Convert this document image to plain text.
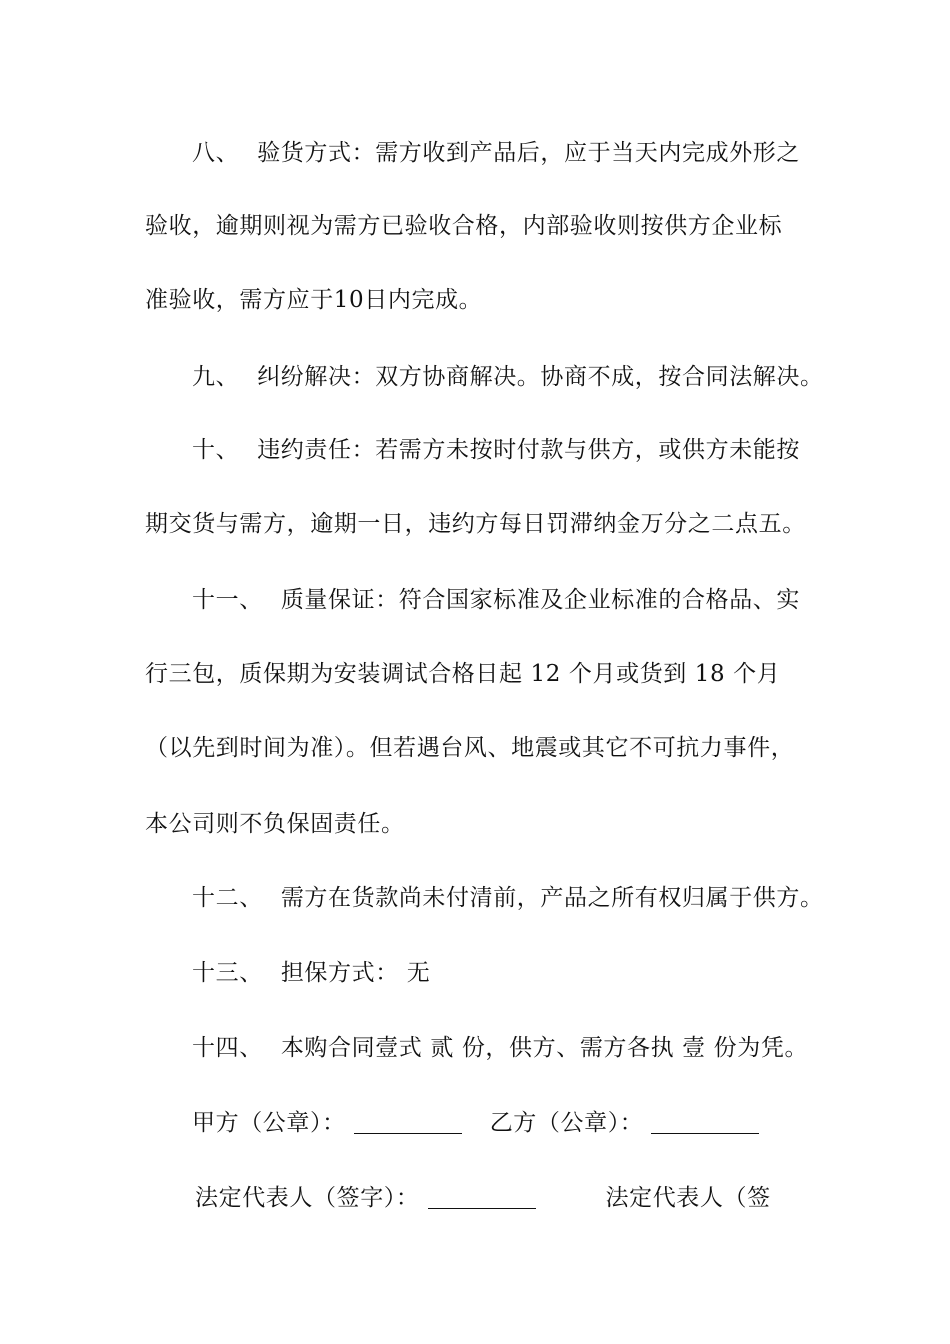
八、 验货方式：需方收到产品后，应于当天内完成外形之
验收，逾期则视为需方已验收合格，内部验收则按供方企业标
准验收，需方应于10日内完成。
九、 纠纷解决：双方协商解决。协商不成，按合同法解决。
十、 违约责任：若需方未按时付款与供方，或供方未能按
期交货与需方，逾期一日，违约方每日罚滞纳金万分之二点五。
十一、 质量保证：符合国家标准及企业标准的合格品、实
行三包，质保期为安装调试合格日起 12 个月或货到 18 个月
（以先到时间为准）。但若遇台风、地震或其它不可抗力事件，
本公司则不负保固责任。
十二、 需方在货款尚未付清前，产品之所有权归属于供方。
十三、 担保方式： 无
十四、 本购合同壹式 贰 份，供方、需方各执 壹 份为凭。
甲方（公章）：	乙方（公章）：
法定代表人（签字）：	法定代表人（签
